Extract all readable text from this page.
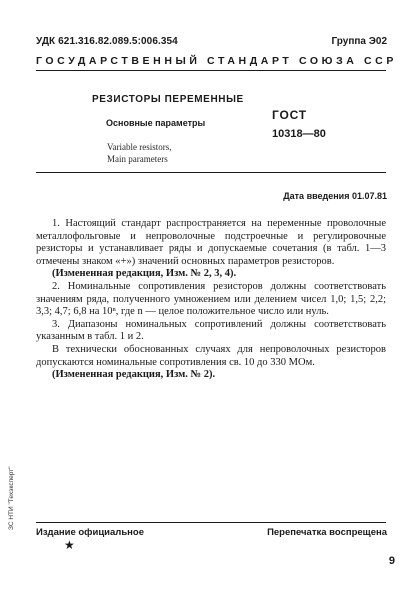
УДК 621.316.82.089.5:006.354	Группа Э02
ГОСУДАРСТВЕННЫЙ СТАНДАРТ СОЮЗА ССР
РЕЗИСТОРЫ ПЕРЕМЕННЫЕ
Основные параметры
Variable resistors,
Main parameters
ГОСТ
10318—80
Дата введения 01.07.81

1. Настоящий стандарт распространяется на переменные проволочные металлофольговые и непроволочные подстроечные и регулировочные резисторы и устанавливает ряды и допускаемые сочетания (в табл. 1—3 отмечены знаком «+») значений основных параметров резисторов.

(Измененная редакция, Изм. № 2, 3, 4).

2. Номинальные сопротивления резисторов должны соответствовать значениям ряда, полученного умножением или делением чисел 1,0; 1,5; 2,2; 3,3; 4,7; 6,8 на 10ⁿ, где n — целое положительное число или нуль.

3. Диапазоны номинальных сопротивлений должны соответствовать указанным в табл. 1 и 2.

В технически обоснованных случаях для непроволочных резисторов допускаются номинальные сопротивления св. 10 до 330 МОм.

(Измененная редакция, Изм. № 2).

ЗС НТИ "Техэксперт"
Издание официальное	Перепечатка воспрещена
★
9
